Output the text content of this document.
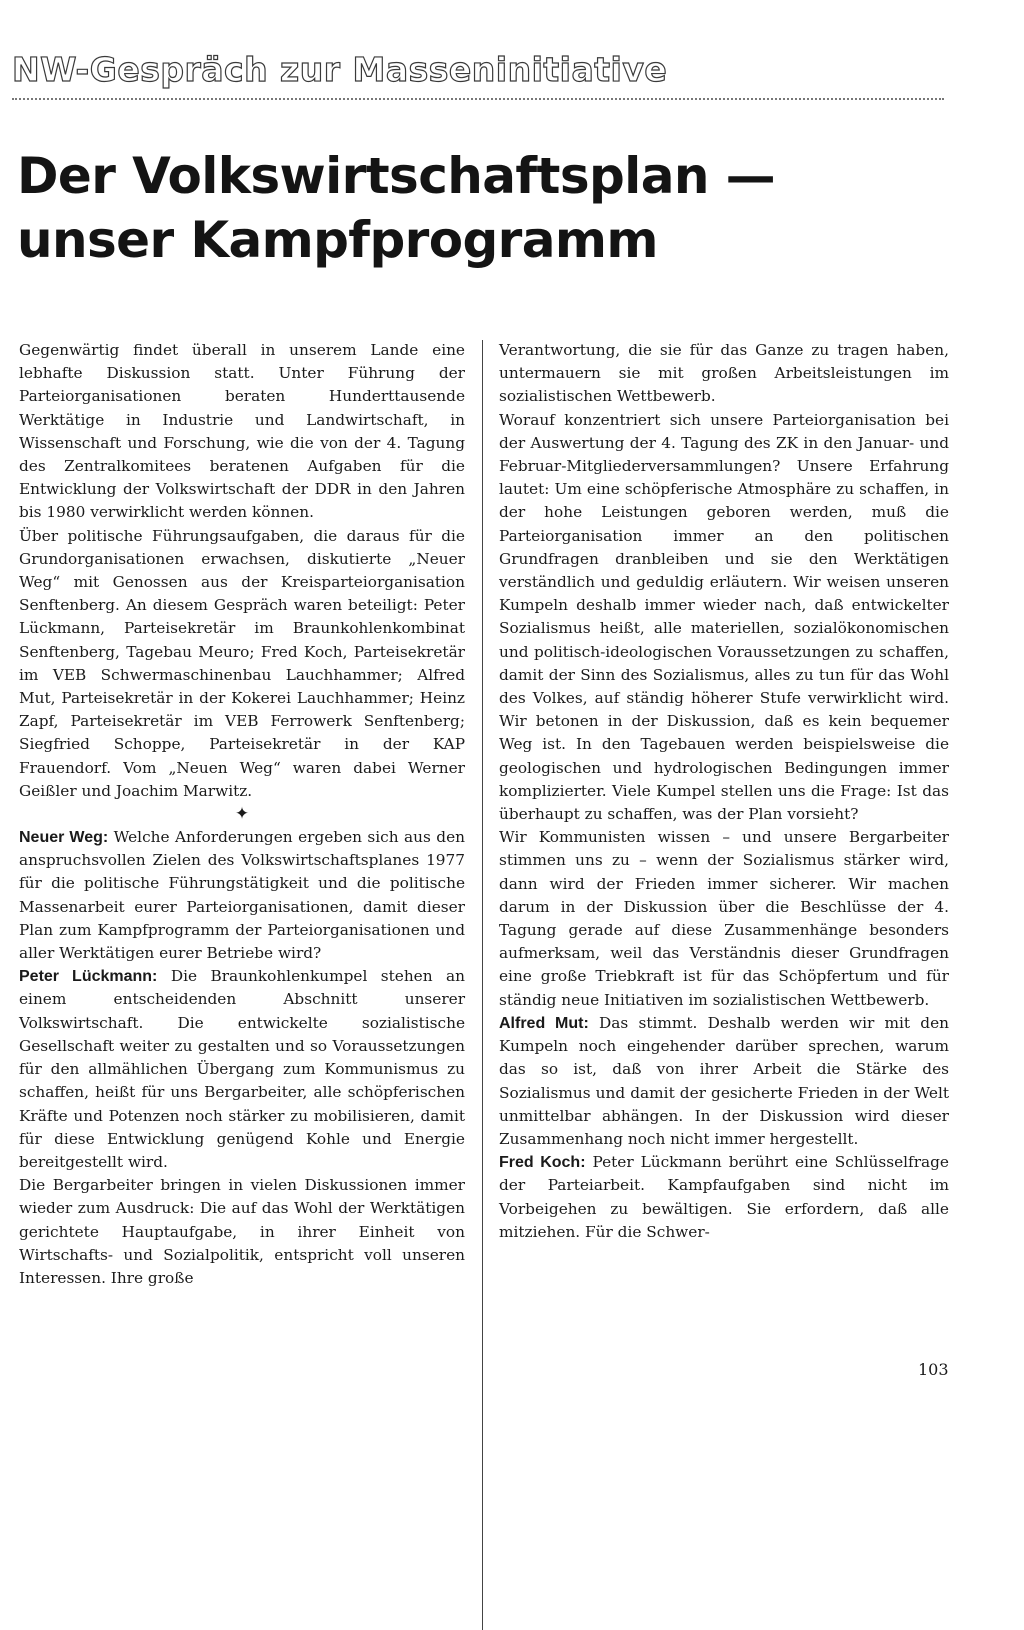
NW-Gespräch zur Masseninitiative
Der Volkswirtschaftsplan —
unser Kampfprogramm

Gegenwärtig findet überall in unserem Lande eine lebhafte Diskussion statt. Unter Führung der Parteiorganisationen beraten Hunderttausende Werktätige in Industrie und Landwirtschaft, in Wissenschaft und Forschung, wie die von der 4. Tagung des Zentralkomitees beratenen Aufgaben für die Entwicklung der Volkswirtschaft der DDR in den Jahren bis 1980 verwirklicht werden können.

Über politische Führungsaufgaben, die daraus für die Grundorganisationen erwachsen, diskutierte „Neuer Weg“ mit Genossen aus der Kreisparteiorganisation Senftenberg. An diesem Gespräch waren beteiligt: Peter Lückmann, Parteisekretär im Braunkohlenkombinat Senftenberg, Tagebau Meuro; Fred Koch, Parteisekretär im VEB Schwermaschinenbau Lauchhammer; Alfred Mut, Parteisekretär in der Kokerei Lauchhammer; Heinz Zapf, Parteisekretär im VEB Ferrowerk Senftenberg; Siegfried Schoppe, Parteisekretär in der KAP Frauendorf. Vom „Neuen Weg“ waren dabei Werner Geißler und Joachim Marwitz.

✦

Neuer Weg: Welche Anforderungen ergeben sich aus den anspruchsvollen Zielen des Volkswirtschaftsplanes 1977 für die politische Führungstätigkeit und die politische Massenarbeit eurer Parteiorganisationen, damit dieser Plan zum Kampfprogramm der Parteiorganisationen und aller Werktätigen eurer Betriebe wird?

Peter Lückmann: Die Braunkohlenkumpel stehen an einem entscheidenden Abschnitt unserer Volkswirtschaft. Die entwickelte sozialistische Gesellschaft weiter zu gestalten und so Voraussetzungen für den allmählichen Übergang zum Kommunismus zu schaffen, heißt für uns Bergarbeiter, alle schöpferischen Kräfte und Potenzen noch stärker zu mobilisieren, damit für diese Entwicklung genügend Kohle und Energie bereitgestellt wird.

Die Bergarbeiter bringen in vielen Diskussionen immer wieder zum Ausdruck: Die auf das Wohl der Werktätigen gerichtete Hauptaufgabe, in ihrer Einheit von Wirtschafts- und Sozialpolitik, entspricht voll unseren Interessen. Ihre große

Verantwortung, die sie für das Ganze zu tragen haben, untermauern sie mit großen Arbeitsleistungen im sozialistischen Wettbewerb.

Worauf konzentriert sich unsere Parteiorganisation bei der Auswertung der 4. Tagung des ZK in den Januar- und Februar-Mitgliederversammlungen? Unsere Erfahrung lautet: Um eine schöpferische Atmosphäre zu schaffen, in der hohe Leistungen geboren werden, muß die Parteiorganisation immer an den politischen Grundfragen dranbleiben und sie den Werktätigen verständlich und geduldig erläutern. Wir weisen unseren Kumpeln deshalb immer wieder nach, daß entwickelter Sozialismus heißt, alle materiellen, sozialökonomischen und politisch-ideologischen Voraussetzungen zu schaffen, damit der Sinn des Sozialismus, alles zu tun für das Wohl des Volkes, auf ständig höherer Stufe verwirklicht wird. Wir betonen in der Diskussion, daß es kein bequemer Weg ist. In den Tagebauen werden beispielsweise die geologischen und hydrologischen Bedingungen immer komplizierter. Viele Kumpel stellen uns die Frage: Ist das überhaupt zu schaffen, was der Plan vorsieht?

Wir Kommunisten wissen – und unsere Bergarbeiter stimmen uns zu – wenn der Sozialismus stärker wird, dann wird der Frieden immer sicherer. Wir machen darum in der Diskussion über die Beschlüsse der 4. Tagung gerade auf diese Zusammenhänge besonders aufmerksam, weil das Verständnis dieser Grundfragen eine große Triebkraft ist für das Schöpfertum und für ständig neue Initiativen im sozialistischen Wettbewerb.

Alfred Mut: Das stimmt. Deshalb werden wir mit den Kumpeln noch eingehender darüber sprechen, warum das so ist, daß von ihrer Arbeit die Stärke des Sozialismus und damit der gesicherte Frieden in der Welt unmittelbar abhängen. In der Diskussion wird dieser Zusammenhang noch nicht immer hergestellt.

Fred Koch: Peter Lückmann berührt eine Schlüsselfrage der Parteiarbeit. Kampfaufgaben sind nicht im Vorbeigehen zu bewältigen. Sie erfordern, daß alle mitziehen. Für die Schwer-

103
